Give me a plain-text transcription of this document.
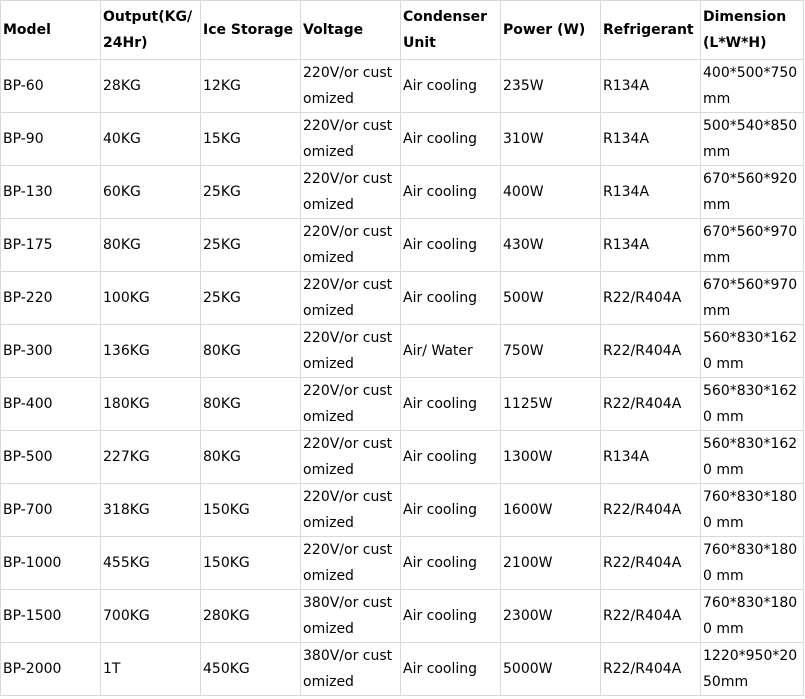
Model	Output(KG/24Hr)	Ice Storage	Voltage	Condenser Unit	Power (W)	Refrigerant	Dimension (L*W*H)
BP-60	28KG	12KG	220V/or customized	Air cooling	235W	R134A	400*500*750 mm
BP-90	40KG	15KG	220V/or customized	Air cooling	310W	R134A	500*540*850 mm
BP-130	60KG	25KG	220V/or customized	Air cooling	400W	R134A	670*560*920 mm
BP-175	80KG	25KG	220V/or customized	Air cooling	430W	R134A	670*560*970 mm
BP-220	100KG	25KG	220V/or customized	Air cooling	500W	R22/R404A	670*560*970 mm
BP-300	136KG	80KG	220V/or customized	Air/ Water	750W	R22/R404A	560*830*1620 mm
BP-400	180KG	80KG	220V/or customized	Air cooling	1125W	R22/R404A	560*830*1620 mm
BP-500	227KG	80KG	220V/or customized	Air cooling	1300W	R134A	560*830*1620 mm
BP-700	318KG	150KG	220V/or customized	Air cooling	1600W	R22/R404A	760*830*1800 mm
BP-1000	455KG	150KG	220V/or customized	Air cooling	2100W	R22/R404A	760*830*1800 mm
BP-1500	700KG	280KG	380V/or customized	Air cooling	2300W	R22/R404A	760*830*1800 mm
BP-2000	1T	450KG	380V/or customized	Air cooling	5000W	R22/R404A	1220*950*2050mm
